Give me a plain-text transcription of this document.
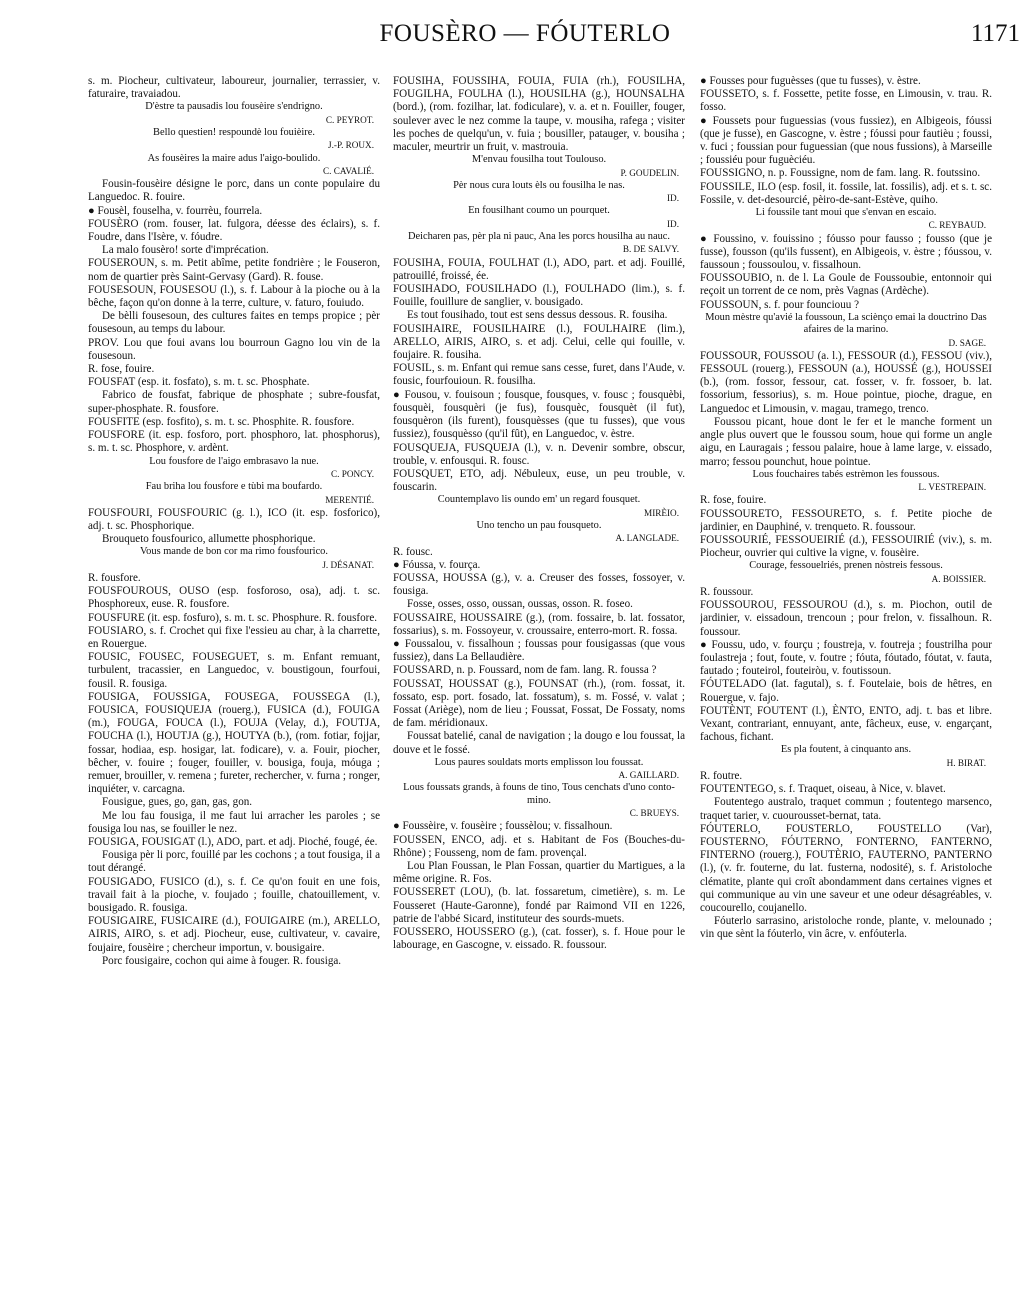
FOUSÈRO — FÓUTERLO	1171

s. m. Piocheur, cultivateur, laboureur, journalier, terrassier, v. faturaire, travaiadou.

D'èstre ta pausadis lou fousèire s'endrigno.

C. PEYROT.

Bello questien! respoundè lou fouièire.

J.-P. ROUX.

As fousèires la maire adus l'aigo-boulido.

C. CAVALIÉ.

Fousin-fousèire désigne le porc, dans un conte populaire du Languedoc. R. fouire.

● Fousèl, fouselha, v. fourrèu, fourrela.

FOUSÈRO (rom. fouser, lat. fulgora, déesse des éclairs), s. f. Foudre, dans l'Isère, v. fóudre.

La malo fousèro! sorte d'imprécation.

FOUSEROUN, s. m. Petit abîme, petite fondrière ; le Fouseron, nom de quartier près Saint-Gervasy (Gard). R. fouse.

FOUSESOUN, FOUSESOU (l.), s. f. Labour à la pioche ou à la bêche, façon qu'on donne à la terre, culture, v. faturo, fouiudo.

De bèlli fousesoun, des cultures faites en temps propice ; pèr fousesoun, au temps du labour.

PROV. Lou que foui avans lou bourroun Gagno lou vin de la fousesoun.

R. fose, fouire.

FOUSFAT (esp. it. fosfato), s. m. t. sc. Phosphate.

Fabrico de fousfat, fabrique de phosphate ; subre-fousfat, super-phosphate. R. fousfore.

FOUSFITE (esp. fosfito), s. m. t. sc. Phosphite. R. fousfore.

FOUSFORE (it. esp. fosforo, port. phosphoro, lat. phosphorus), s. m. t. sc. Phosphore, v. ardènt.

Lou fousfore de l'aigo embrasavo la nue.

C. PONCY.

Fau briha lou fousfore e tùbi ma boufardo.

MERENTIÉ.

FOUSFOURI, FOUSFOURIC (g. l.), ICO (it. esp. fosforico), adj. t. sc. Phosphorique.

Brouqueto fousfourico, allumette phosphorique.

Vous mande de bon cor ma rimo fousfourico.

J. DÉSANAT.

R. fousfore.

FOUSFOUROUS, OUSO (esp. fosforoso, osa), adj. t. sc. Phosphoreux, euse. R. fousfore.

FOUSFURE (it. esp. fosfuro), s. m. t. sc. Phosphure. R. fousfore.

FOUSIARO, s. f. Crochet qui fixe l'essieu au char, à la charrette, en Rouergue.

FOUSIC, FOUSEC, FOUSEGUET, s. m. Enfant remuant, turbulent, tracassier, en Languedoc, v. boustigoun, fourfoui, fousil. R. fousiga.

FOUSIGA, FOUSSIGA, FOUSEGA, FOUSSEGA (l.), FOUSICA, FOUSIQUEJA (rouerg.), FUSICA (d.), FOUIGA (m.), FOUGA, FOUCA (l.), FOUJA (Velay, d.), FOUTJA, FOUCHA (l.), HOUTJA (g.), HOUTYA (b.), (rom. fotiar, fojjar, fossar, hodiaa, esp. hosigar, lat. fodicare), v. a. Fouir, piocher, bêcher, v. fouire ; fouger, fouiller, v. bousiga, fouja, móuga ; remuer, brouiller, v. remena ; fureter, rechercher, v. furna ; ronger, inquiéter, v. carcagna.

Fousigue, gues, go, gan, gas, gon.

Me lou fau fousiga, il me faut lui arracher les paroles ; se fousiga lou nas, se fouiller le nez.

FOUSIGA, FOUSIGAT (l.), ADO, part. et adj. Pioché, fougé, ée.

Fousiga pèr li porc, fouillé par les cochons ; a tout fousiga, il a tout dérangé.

FOUSIGADO, FUSICO (d.), s. f. Ce qu'on fouit en une fois, travail fait à la pioche, v. foujado ; fouille, chatouillement, v. bousigado. R. fousiga.

FOUSIGAIRE, FUSICAIRE (d.), FOUIGAIRE (m.), ARELLO, AIRIS, AIRO, s. et adj. Piocheur, euse, cultivateur, v. cavaire, foujaire, fousèire ; chercheur importun, v. bousigaire.

Porc fousigaire, cochon qui aime à fouger. R. fousiga.

FOUSIHA, FOUSSIHA, FOUIA, FUIA (rh.), FOUSILHA, FOUGILHA, FOULHA (l.), HOUSILHA (g.), HOUNSALHA (bord.), (rom. fozilhar, lat. fodiculare), v. a. et n. Fouiller, fouger, soulever avec le nez comme la taupe, v. mousiha, rafega ; visiter les poches de quelqu'un, v. fuia ; bousiller, patauger, v. bousiha ; maculer, meurtrir un fruit, v. mastrouia.

M'envau fousilha tout Toulouso.

P. GOUDELIN.

Pèr nous cura louts èls ou fousilha le nas.

ID.

En fousilhant coumo un pourquet.

ID.

Deicharen pas, pèr pla ni pauc, Ana les porcs housilha au nauc.

B. DE SALVY.

FOUSIHA, FOUIA, FOULHAT (l.), ADO, part. et adj. Fouillé, patrouillé, froissé, ée.

FOUSIHADO, FOUSILHADO (l.), FOULHADO (lim.), s. f. Fouille, fouillure de sanglier, v. bousigado.

Es tout fousihado, tout est sens dessus dessous. R. fousiha.

FOUSIHAIRE, FOUSILHAIRE (l.), FOULHAIRE (lim.), ARELLO, AIRIS, AIRO, s. et adj. Celui, celle qui fouille, v. foujaire. R. fousiha.

FOUSIL, s. m. Enfant qui remue sans cesse, furet, dans l'Aude, v. fousic, fourfouioun. R. fousilha.

● Fousou, v. fouisoun ; fousque, fousques, v. fousc ; fousquèbi, fousquèi, fousquèri (je fus), fousquèc, fousquèt (il fut), fousquèron (ils furent), fousquèsses (que tu fusses), que vous fussiez), fousquèsso (qu'il fût), en Languedoc, v. èstre.

FOUSQUEJA, FUSQUEJA (l.), v. n. Devenir sombre, obscur, trouble, v. enfousqui. R. fousc.

FOUSQUET, ETO, adj. Nébuleux, euse, un peu trouble, v. fouscarin.

Countemplavo lis oundo em' un regard fousquet.

MIRÈIO.

Uno tencho un pau fousqueto.

A. LANGLADE.

R. fousc.

● Fóussa, v. fourça.

FOUSSA, HOUSSA (g.), v. a. Creuser des fosses, fossoyer, v. fousiga.

Fosse, osses, osso, oussan, oussas, osson. R. foseo.

FOUSSAIRE, HOUSSAIRE (g.), (rom. fossaire, b. lat. fossator, fossarius), s. m. Fossoyeur, v. croussaire, enterro-mort. R. fossa.

● Foussalou, v. fissalhoun ; foussas pour fousigassas (que vous fussiez), dans La Bellaudière.

FOUSSARD, n. p. Foussard, nom de fam. lang. R. foussa ?

FOUSSAT, HOUSSAT (g.), FOUNSAT (rh.), (rom. fossat, it. fossato, esp. port. fosado, lat. fossatum), s. m. Fossé, v. valat ; Fossat (Ariège), nom de lieu ; Foussat, Fossat, De Fossaty, noms de fam. méridionaux.

Foussat batelié, canal de navigation ; la dougo e lou foussat, la douve et le fossé.

Lous paures souldats morts emplisson lou foussat.

A. GAILLARD.

Lous foussats grands, à founs de tino, Tous cenchats d'uno conto-mino.

C. BRUEYS.

● Foussèire, v. fousèire ; foussèlou; v. fissalhoun.

FOUSSEN, ENCO, adj. et s. Habitant de Fos (Bouches-du-Rhône) ; Fousseng, nom de fam. provençal.

Lou Plan Foussan, le Plan Fossan, quartier du Martigues, a la même origine. R. Fos.

FOUSSERET (LOU), (b. lat. fossaretum, cimetière), s. m. Le Fousseret (Haute-Garonne), fondé par Raimond VII en 1226, patrie de l'abbé Sicard, instituteur des sourds-muets.

FOUSSERO, HOUSSERO (g.), (cat. fosser), s. f. Houe pour le labourage, en Gascogne, v. eissado. R. foussour.

● Fousses pour fuguèsses (que tu fusses), v. èstre.

FOUSSETO, s. f. Fossette, petite fosse, en Limousin, v. trau. R. fosso.

● Foussets pour fuguessias (vous fussiez), en Albigeois, fóussi (que je fusse), en Gascogne, v. èstre ; fóussi pour fautièu ; foussi, v. fuci ; foussian pour fuguessian (que nous fussions), à Marseille ; foussiéu pour fuguèciéu.

FOUSSIGNO, n. p. Foussigne, nom de fam. lang. R. foutssino.

FOUSSILE, ILO (esp. fosil, it. fossile, lat. fossilis), adj. et s. t. sc. Fossile, v. det-desourcié, pèiro-de-sant-Estève, quiho.

Li foussile tant moui que s'envan en escaio.

C. REYBAUD.

● Foussino, v. fouissino ; fóusso pour fausso ; fousso (que je fusse), fousson (qu'ils fussent), en Albigeois, v. èstre ; fóussou, v. faussoun ; foussoulou, v. fissalhoun.

FOUSSOUBIO, n. de l. La Goule de Foussoubie, entonnoir qui reçoit un torrent de ce nom, près Vagnas (Ardèche).

FOUSSOUN, s. f. pour founciouu ?

Moun mèstre qu'avié la foussoun, La sciènço emai la douctrino Das afaires de la marino.

D. SAGE.

FOUSSOUR, FOUSSOU (a. l.), FESSOUR (d.), FESSOU (viv.), FESSOUL (rouerg.), FESSOUN (a.), HOUSSÉ (g.), HOUSSEI (b.), (rom. fossor, fessour, cat. fosser, v. fr. fossoer, b. lat. fossorium, fessorius), s. m. Houe pointue, pioche, drague, en Languedoc et Limousin, v. magau, tramego, trenco.

Foussou picant, houe dont le fer et le manche forment un angle plus ouvert que le foussou soum, houe qui forme un angle aigu, en Lauragais ; fessou palaire, houe à lame large, v. eissado, marro; fessou pounchut, houe pointue.

Lous fouchaires tabés estrèmon les foussous.

L. VESTREPAIN.

R. fose, fouire.

FOUSSOURETO, FESSOURETO, s. f. Petite pioche de jardinier, en Dauphiné, v. trenqueto. R. foussour.

FOUSSOURIÉ, FESSOUEIRIÉ (d.), FESSOUIRIÉ (viv.), s. m. Piocheur, ouvrier qui cultive la vigne, v. fousèire.

Courage, fessouelriés, prenen nòstreis fessous.

A. BOISSIER.

R. foussour.

FOUSSOUROU, FESSOUROU (d.), s. m. Piochon, outil de jardinier, v. eissadoun, trencoun ; pour frelon, v. fissalhoun. R. foussour.

● Foussu, udo, v. fourçu ; foustreja, v. foutreja ; foustrilha pour foulastreja ; fout, foute, v. foutre ; fóuta, fóutado, fóutat, v. fauta, fautado ; fouteirol, fouteiròu, v. foutissoun.

FÓUTELADO (lat. fagutal), s. f. Foutelaie, bois de hêtres, en Rouergue, v. fajo.

FOUTÈNT, FOUTENT (l.), ÈNTO, ENTO, adj. t. bas et libre. Vexant, contrariant, ennuyant, ante, fâcheux, euse, v. engarçant, fachous, fichant.

Es pla foutent, à cinquanto ans.

H. BIRAT.

R. foutre.

FOUTENTEGO, s. f. Traquet, oiseau, à Nice, v. blavet.

Foutentego australo, traquet commun ; foutentego marsenco, traquet tarier, v. cuourousset-bernat, tata.

FÓUTERLO, FOUSTERLO, FOUSTELLO (Var), FOUSTERNO, FÓUTERNO, FONTERNO, FANTERNO, FINTERNO (rouerg.), FOUTÈRIO, FAUTERNO, PANTERNO (l.), (v. fr. fouterne, du lat. fusterna, nodosité), s. f. Aristoloche clématite, plante qui croît abondamment dans certaines vignes et qui communique au vin une saveur et une odeur désagréables, v. coucourello, coujanello.

Fóuterlo sarrasino, aristoloche ronde, plante, v. melounado ; vin que sènt la fóuterlo, vin âcre, v. enfóuterla.
